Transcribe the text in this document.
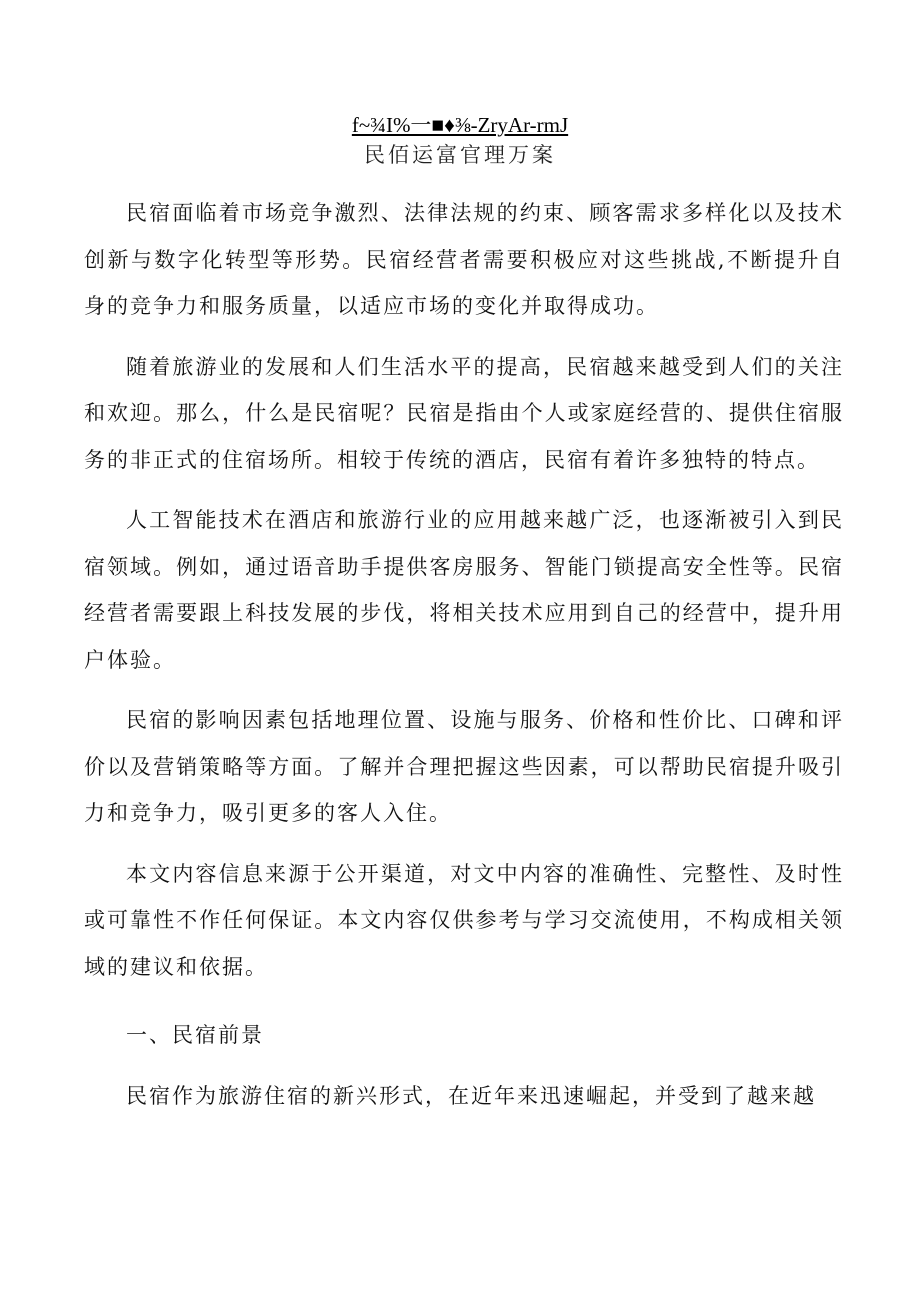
f~¾I%一■♦⅜-ZryAr-rmJ
民佰运富官理万案

民宿面临着市场竞争激烈、法律法规的约束、顾客需求多样化以及技术创新与数字化转型等形势。民宿经营者需要积极应对这些挑战,不断提升自身的竞争力和服务质量，以适应市场的变化并取得成功。

随着旅游业的发展和人们生活水平的提高，民宿越来越受到人们的关注和欢迎。那么，什么是民宿呢？民宿是指由个人或家庭经营的、提供住宿服务的非正式的住宿场所。相较于传统的酒店，民宿有着许多独特的特点。

人工智能技术在酒店和旅游行业的应用越来越广泛，也逐渐被引入到民宿领域。例如，通过语音助手提供客房服务、智能门锁提高安全性等。民宿经营者需要跟上科技发展的步伐，将相关技术应用到自己的经营中，提升用户体验。

民宿的影响因素包括地理位置、设施与服务、价格和性价比、口碑和评价以及营销策略等方面。了解并合理把握这些因素，可以帮助民宿提升吸引力和竞争力，吸引更多的客人入住。

本文内容信息来源于公开渠道，对文中内容的准确性、完整性、及时性或可靠性不作任何保证。本文内容仅供参考与学习交流使用，不构成相关领域的建议和依据。

一、民宿前景

民宿作为旅游住宿的新兴形式，在近年来迅速崛起，并受到了越来越
